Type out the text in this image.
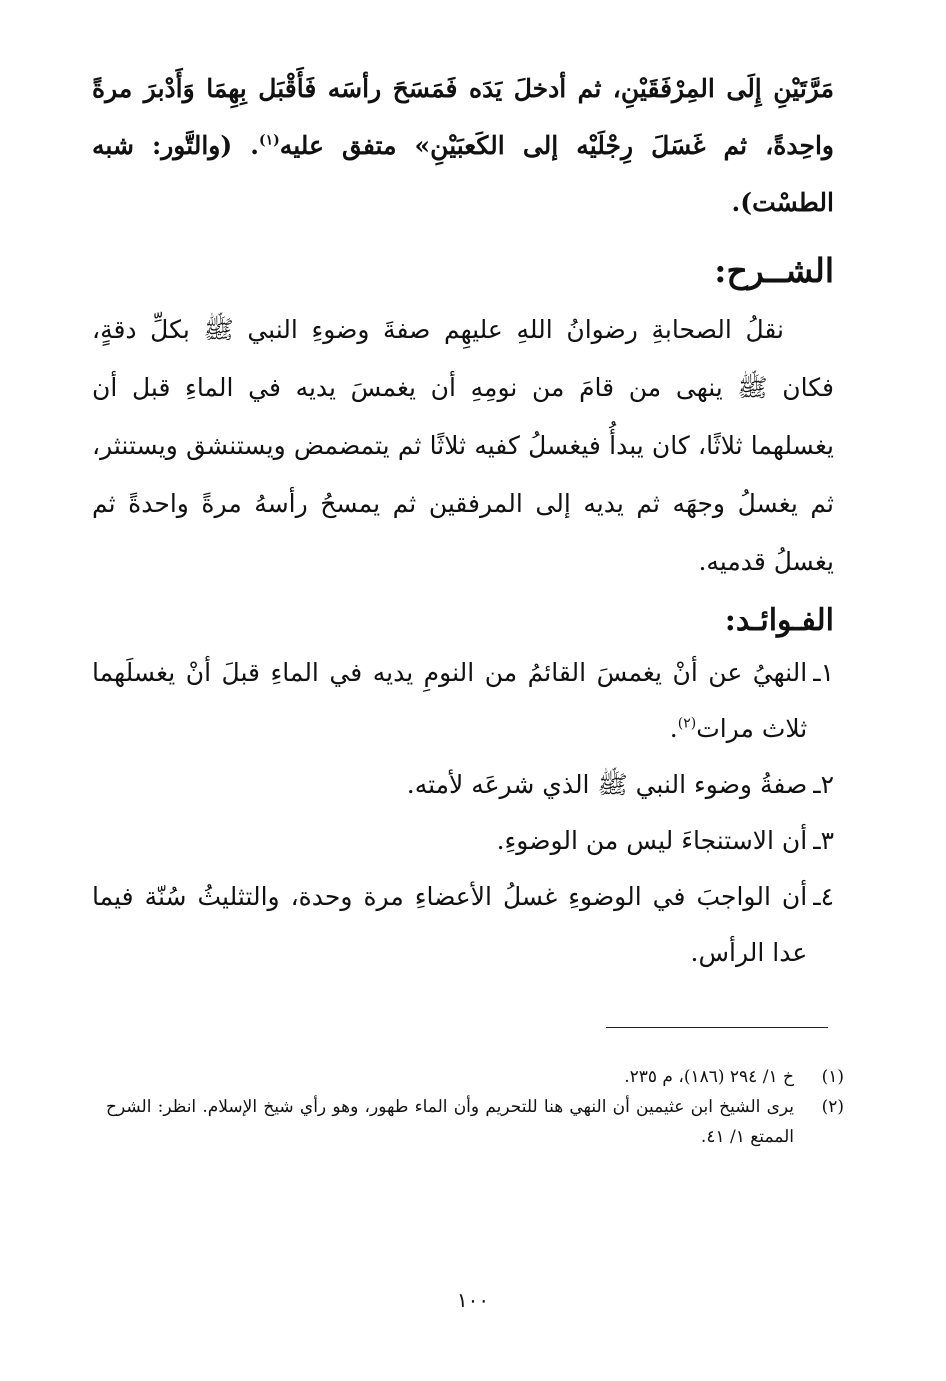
مَرَّتَيْنِ إِلَى المِرْفَقَيْنِ، ثم أدخلَ يَدَه فَمَسَحَ رأسَه فَأَقْبَل بِهِمَا وَأَدْبرَ مرةً واحِدةً، ثم غَسَلَ رِجْلَيْه إلى الكَعبَيْنِ» متفق عليه$^{(١)}$. (والتَّور: شبه الطسْت).

الشــرح:

نقلُ الصحابةِ رضوانُ اللهِ عليهِم صفةَ وضوءِ النبي ﷺ بكلِّ دقةٍ، فكان ﷺ ينهى من قامَ من نومِهِ أن يغمسَ يديه في الماءِ قبل أن يغسلهما ثلاثًا، كان يبدأُ فيغسلُ كفيه ثلاثًا ثم يتمضمض ويستنشق ويستنثر، ثم يغسلُ وجهَه ثم يديه إلى المرفقين ثم يمسحُ رأسهُ مرةً واحدةً ثم يغسلُ قدميه.

الفـوائـد:
١ـ
النهيُ عن أنْ يغمسَ القائمُ من النومِ يديه في الماءِ قبلَ أنْ يغسلَهما ثلاث مرات$^{(٢)}$.
٢ـ
صفةُ وضوء النبي ﷺ الذي شرعَه لأمته.
٣ـ
أن الاستنجاءَ ليس من الوضوءِ.
٤ـ
أن الواجبَ في الوضوءِ غسلُ الأعضاءِ مرة وحدة، والتثليثُ سُنّة فيما عدا الرأس.
(١)
خ ١/ ٢٩٤ (١٨٦)، م ٢٣٥.
(٢)
يرى الشيخ ابن عثيمين أن النهي هنا للتحريم وأن الماء طهور، وهو رأي شيخ الإسلام. انظر: الشرح الممتع ١/ ٤١.
١٠٠
